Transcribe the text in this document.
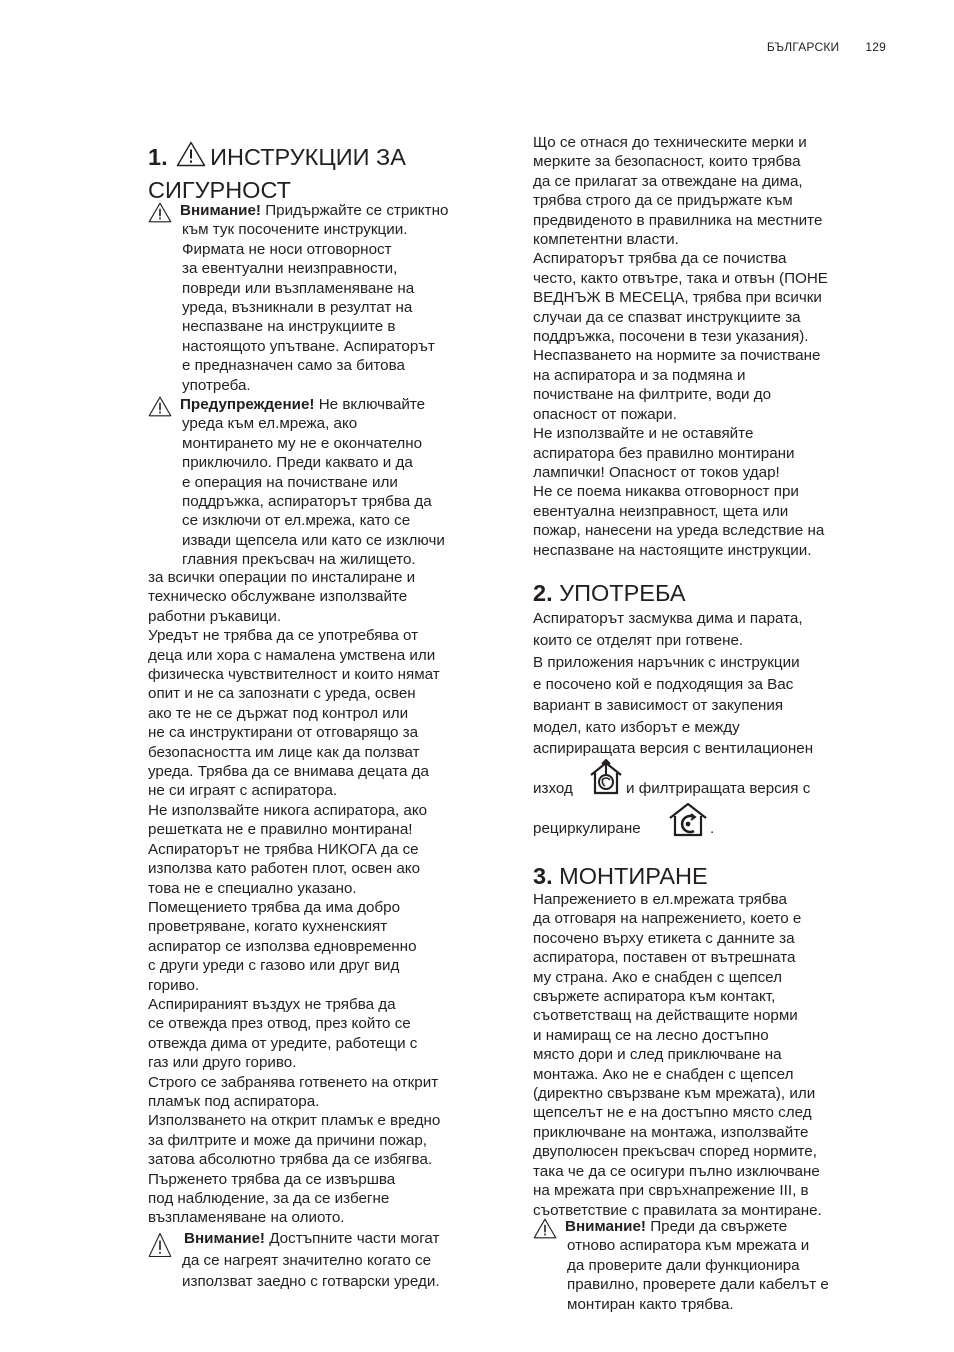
БЪЛГАРСКИ 129
1. ИНСТРУКЦИИ ЗА
СИГУРНОСТ
Внимание! Придържайте се стриктно
към тук посочените инструкции.
Фирмата не носи отговорност
за евентуални неизправности,
повреди или възпламеняване на
уреда, възникнали в резултат на
неспазване на инструкциите в
настоящото упътване. Аспираторът
е предназначен само за битова
употреба.
Предупреждение! Не включвайте
уреда към ел.мрежа, ако
монтирането му не е окончателно
приключило. Преди каквато и да
е операция на почистване или
поддръжка, аспираторът трябва да
се изключи от ел.мрежа, като се
извади щепсела или като се изключи
главния прекъсвач на жилището.

за всички операции по инсталиране и
техническо обслужване използвайте
работни ръкавици.
Уредът не трябва да се употребява от
деца или хора с намалена умствена или
физическа чувствителност и които нямат
опит и не са запознати с уреда, освен
ако те не се държат под контрол или
не са инструктирани от отговарящо за
безопасността им лице как да ползват
уреда. Трябва да се внимава децата да
не си играят с аспиратора.
Не използвайте никога аспиратора, ако
решетката не е правилно монтирана!
Аспираторът не трябва НИКОГА да се
използва като работен плот, освен ако
това не е специално указано.
Помещението трябва да има добро
проветряване, когато кухненският
аспиратор се използва едновременно
с други уреди с газово или друг вид
гориво.
Аспирираният въздух не трябва да
се отвежда през отвод, през който се
отвежда дима от уредите, работещи с
газ или друго гориво.
Строго се забранява готвенето на открит
пламък под аспиратора.
Използването на открит пламък е вредно
за филтрите и може да причини пожар,
затова абсолютно трябва да се избягва.
Пърженето трябва да се извършва
под наблюдение, за да се избегне
възпламеняване на олиото.

Внимание! Достъпните части могат
да се нагреят значително когато се
използват заедно с готварски уреди.

Що се отнася до техническите мерки и
мерките за безопасност, които трябва
да се прилагат за отвеждане на дима,
трябва строго да се придържате към
предвиденото в правилника на местните
компетентни власти.
Аспираторът трябва да се почиства
често, както отвътре, така и отвън (ПОНЕ
ВЕДНЪЖ В МЕСЕЦА, трябва при всички
случаи да се спазват инструкциите за
поддръжка, посочени в тези указания).
Неспазването на нормите за почистване
на аспиратора и за подмяна и
почистване на филтрите, води до
опасност от пожари.
Не използвайте и не оставяйте
аспиратора без правилно монтирани
лампички! Опасност от токов удар!
Не се поема никаква отговорност при
евентуална неизправност, щета или
пожар, нанесени на уреда вследствие на
неспазване на настоящите инструкции.

2. УПОТРЕБА

Аспираторът засмуква дима и парата,
които се отделят при готвене.

В приложения наръчник с инструкции
е посочено кой е подходящия за Вас
вариант в зависимост от закупения
модел, като изборът е между
аспириращата версия с вентилационен

изход	и филтриращата версия с
рециркулиране	.
3. МОНТИРАНЕ

Напрежението в ел.мрежата трябва
да отговаря на напрежението, което е
посочено върху етикета с данните за
аспиратора, поставен от вътрешната
му страна. Ако е снабден с щепсел
свържете аспиратора към контакт,
съответстващ на действащите норми
и намиращ се на лесно достъпно
място дори и след приключване на
монтажа. Ако не е снабден с щепсел
(директно свързване към мрежата), или
щепселът не е на достъпно място след
приключване на монтажа, използвайте
двуполюсен прекъсвач според нормите,
така че да се осигури пълно изключване
на мрежата при свръхнапрежение III, в
съответствие с правилата за монтиране.

Внимание! Преди да свържете
отново аспиратора към мрежата и
да проверите дали функционира
правилно, проверете дали кабелът е
монтиран както трябва.
